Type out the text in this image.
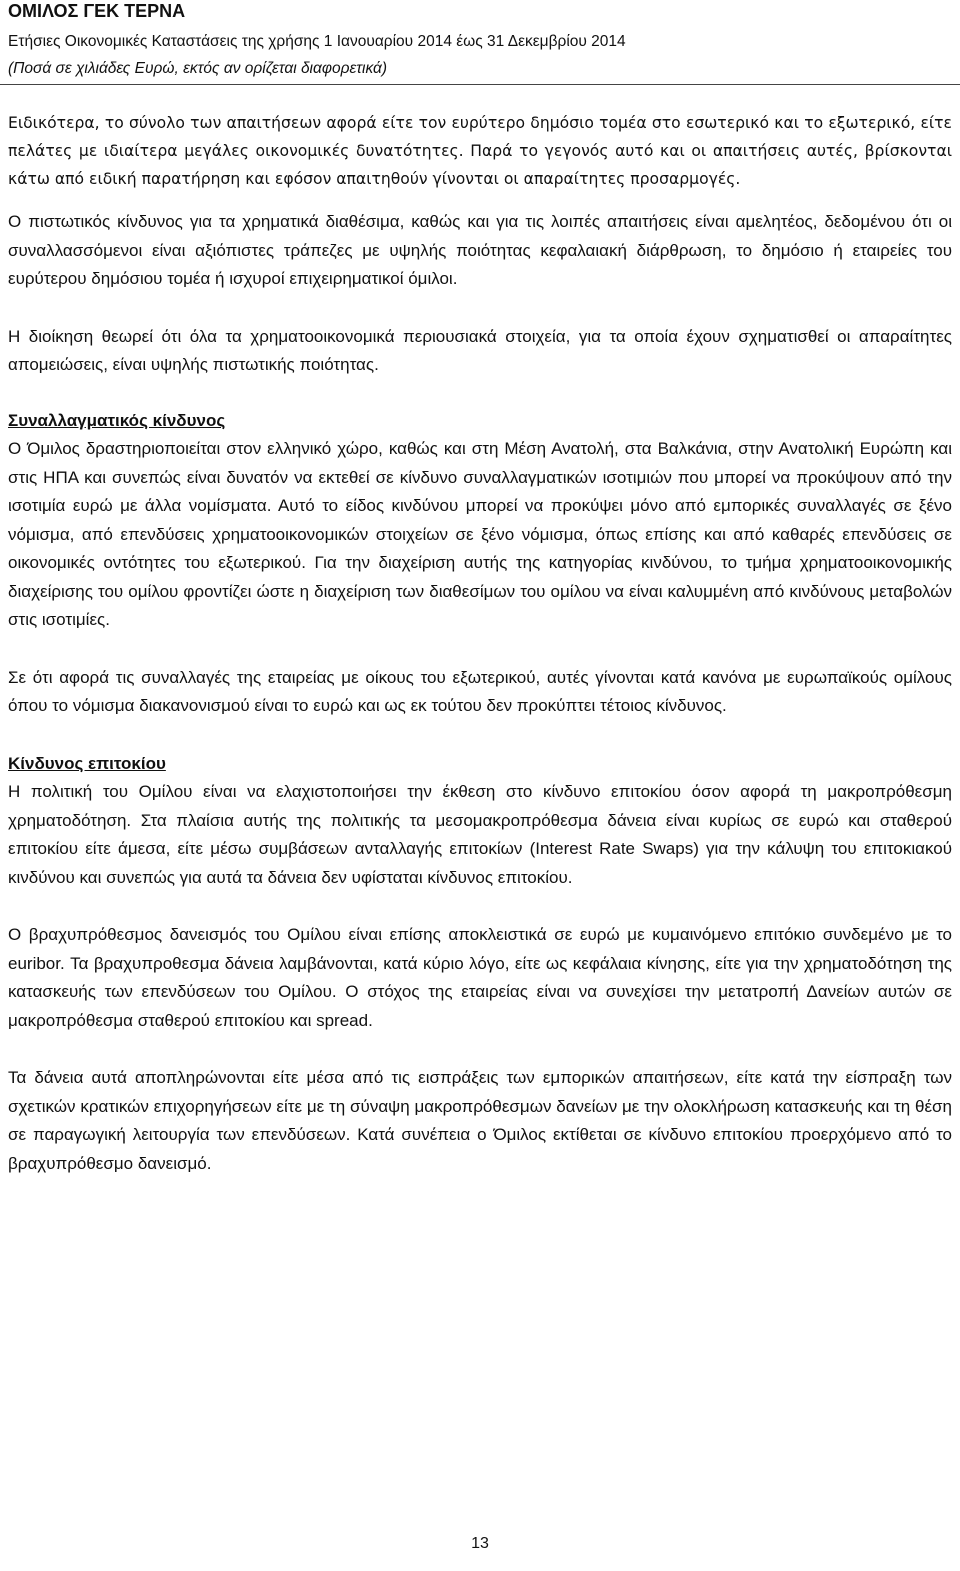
ΟΜΙΛΟΣ ΓΕΚ ΤΕΡΝΑ
Ετήσιες Οικονομικές Καταστάσεις της χρήσης 1 Ιανουαρίου 2014 έως 31 Δεκεμβρίου 2014
(Ποσά σε χιλιάδες Ευρώ, εκτός αν ορίζεται διαφορετικά)

Ειδικότερα, το σύνολο των απαιτήσεων αφορά είτε τον ευρύτερο δημόσιο τομέα στο εσωτερικό και το εξωτερικό, είτε πελάτες με ιδιαίτερα μεγάλες οικονομικές δυνατότητες. Παρά το γεγονός αυτό και οι απαιτήσεις αυτές, βρίσκονται κάτω από ειδική παρατήρηση και εφόσον απαιτηθούν γίνονται οι απαραίτητες προσαρμογές.

Ο πιστωτικός κίνδυνος για τα χρηματικά διαθέσιμα, καθώς και για τις λοιπές απαιτήσεις είναι αμελητέος, δεδομένου ότι οι συναλλασσόμενοι είναι αξιόπιστες τράπεζες με υψηλής ποιότητας κεφαλαιακή διάρθρωση, το δημόσιο ή εταιρείες του ευρύτερου δημόσιου τομέα ή ισχυροί επιχειρηματικοί όμιλοι.

Η διοίκηση θεωρεί ότι όλα τα χρηματοοικονομικά περιουσιακά στοιχεία, για τα οποία έχουν σχηματισθεί οι απαραίτητες απομειώσεις, είναι υψηλής πιστωτικής ποιότητας.

Συναλλαγματικός κίνδυνος

Ο Όμιλος δραστηριοποιείται στον ελληνικό χώρο, καθώς και στη Μέση Ανατολή, στα Βαλκάνια, στην Ανατολική Ευρώπη και στις ΗΠΑ και συνεπώς είναι δυνατόν να εκτεθεί σε κίνδυνο συναλλαγματικών ισοτιμιών που μπορεί να προκύψουν από την ισοτιμία ευρώ με άλλα νομίσματα. Αυτό το είδος κινδύνου μπορεί να προκύψει μόνο από εμπορικές συναλλαγές σε ξένο νόμισμα, από επενδύσεις χρηματοοικονομικών στοιχείων σε ξένο νόμισμα, όπως επίσης και από καθαρές επενδύσεις σε οικονομικές οντότητες του εξωτερικού. Για την διαχείριση αυτής της κατηγορίας κινδύνου, το τμήμα χρηματοοικονομικής διαχείρισης του ομίλου φροντίζει ώστε η διαχείριση των διαθεσίμων του ομίλου να είναι καλυμμένη από κινδύνους μεταβολών στις ισοτιμίες.

Σε ότι αφορά τις συναλλαγές της εταιρείας με οίκους του εξωτερικού, αυτές γίνονται κατά κανόνα με ευρωπαϊκούς ομίλους όπου το νόμισμα διακανονισμού είναι το ευρώ και ως εκ τούτου δεν προκύπτει τέτοιος κίνδυνος.

Κίνδυνος επιτοκίου

Η πολιτική του Ομίλου είναι να ελαχιστοποιήσει την έκθεση στο κίνδυνο επιτοκίου όσον αφορά τη μακροπρόθεσμη χρηματοδότηση. Στα πλαίσια αυτής της πολιτικής τα μεσομακροπρόθεσμα δάνεια είναι κυρίως σε ευρώ και σταθερού επιτοκίου είτε άμεσα, είτε μέσω συμβάσεων ανταλλαγής επιτοκίων (Interest Rate Swaps) για την κάλυψη του επιτοκιακού κινδύνου και συνεπώς για αυτά τα δάνεια δεν υφίσταται κίνδυνος επιτοκίου.

Ο βραχυπρόθεσμος δανεισμός του Ομίλου είναι επίσης αποκλειστικά σε ευρώ με κυμαινόμενο επιτόκιο συνδεμένο με το euribor. Τα βραχυπροθεσμα δάνεια λαμβάνονται, κατά κύριο λόγο, είτε ως κεφάλαια κίνησης, είτε για την χρηματοδότηση της κατασκευής των επενδύσεων του Ομίλου. Ο στόχος της εταιρείας είναι να συνεχίσει την μετατροπή Δανείων αυτών σε μακροπρόθεσμα σταθερού επιτοκίου και spread.

Τα δάνεια αυτά αποπληρώνονται είτε μέσα από τις εισπράξεις των εμπορικών απαιτήσεων, είτε κατά την είσπραξη των σχετικών κρατικών επιχορηγήσεων είτε με τη σύναψη μακροπρόθεσμων δανείων με την ολοκλήρωση κατασκευής και τη θέση σε παραγωγική λειτουργία των επενδύσεων. Κατά συνέπεια ο Όμιλος εκτίθεται σε κίνδυνο επιτοκίου προερχόμενο από το βραχυπρόθεσμο δανεισμό.

13
